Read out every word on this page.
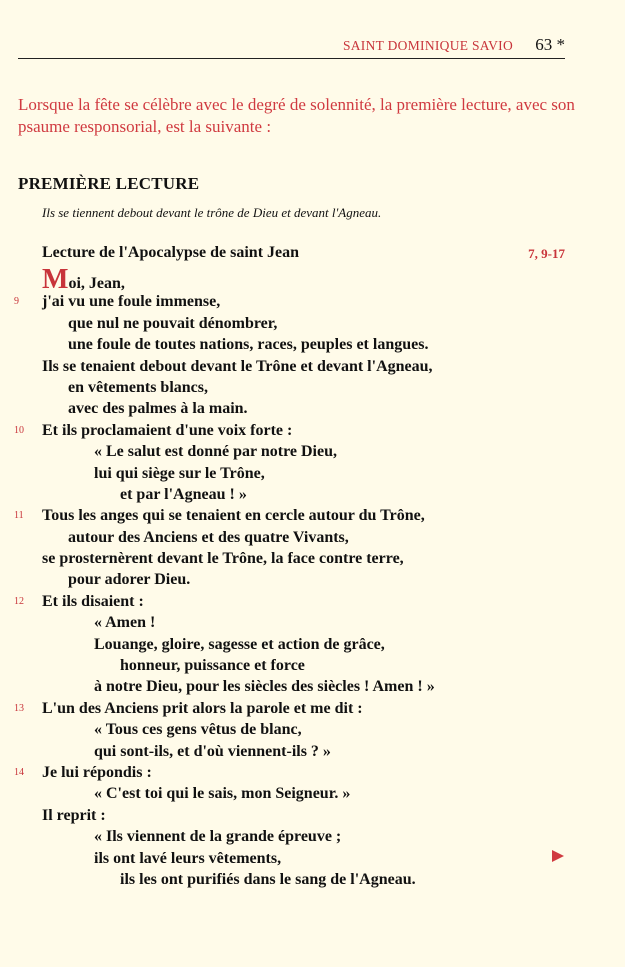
SAINT DOMINIQUE SAVIO 63 *
Lorsque la fête se célèbre avec le degré de solennité, la première lecture, avec son psaume responsorial, est la suivante :
PREMIÈRE LECTURE
Ils se tiennent debout devant le trône de Dieu et devant l'Agneau.
Lecture de l'Apocalypse de saint Jean	7, 9-17
Moi, Jean,
9 j'ai vu une foule immense,
que nul ne pouvait dénombrer,
une foule de toutes nations, races, peuples et langues.
Ils se tenaient debout devant le Trône et devant l'Agneau,
en vêtements blancs,
avec des palmes à la main.
10 Et ils proclamaient d'une voix forte :
« Le salut est donné par notre Dieu,
lui qui siège sur le Trône,
et par l'Agneau ! »
11 Tous les anges qui se tenaient en cercle autour du Trône,
autour des Anciens et des quatre Vivants,
se prosternèrent devant le Trône, la face contre terre,
pour adorer Dieu.
12 Et ils disaient :
« Amen !
Louange, gloire, sagesse et action de grâce,
honneur, puissance et force
à notre Dieu, pour les siècles des siècles ! Amen ! »
13 L'un des Anciens prit alors la parole et me dit :
« Tous ces gens vêtus de blanc,
qui sont-ils, et d'où viennent-ils ? »
14 Je lui répondis :
« C'est toi qui le sais, mon Seigneur. »
Il reprit :
« Ils viennent de la grande épreuve ;
ils ont lavé leurs vêtements,
ils les ont purifiés dans le sang de l'Agneau.
